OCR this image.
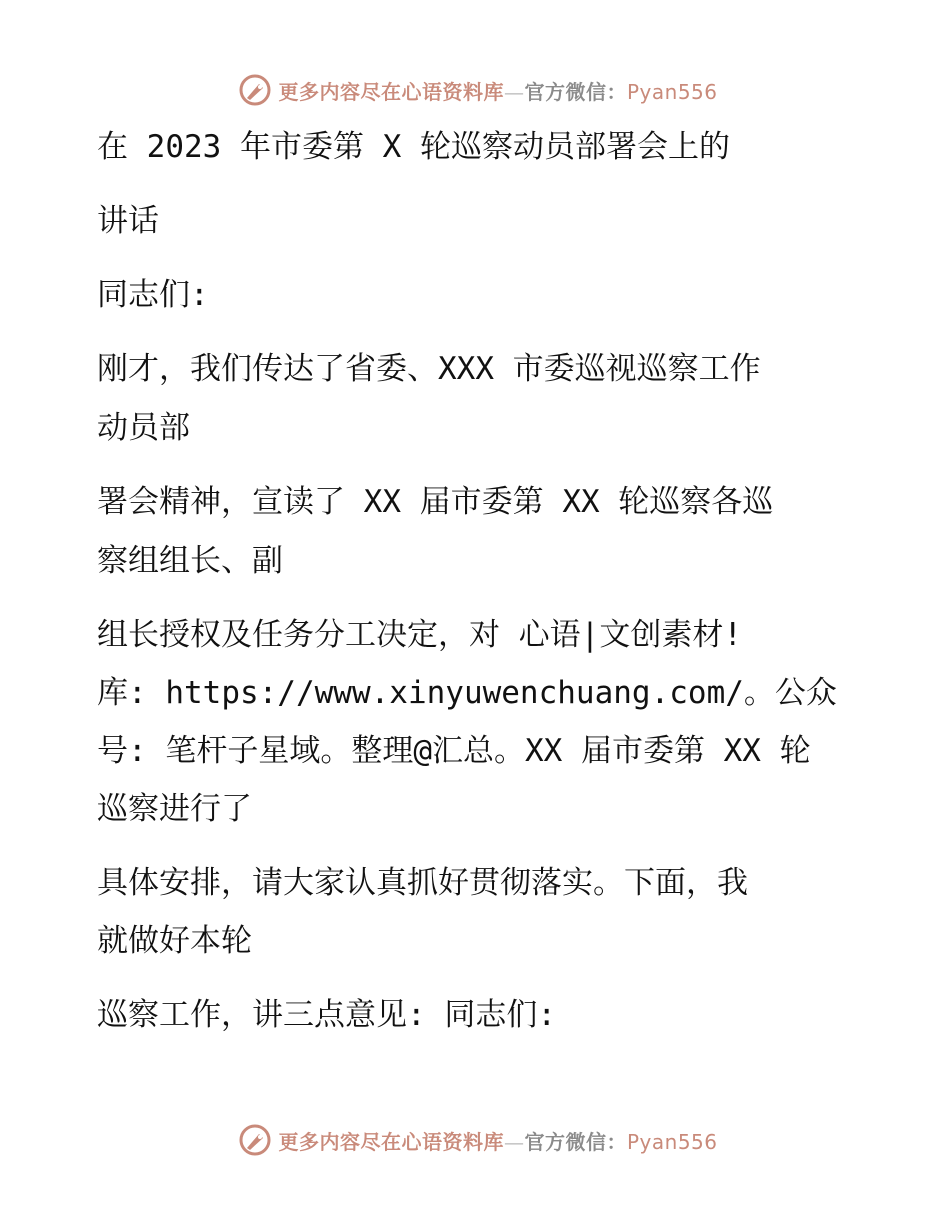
更多内容尽在心语资料库—官方微信：Pyan556
在 2023 年市委第 X 轮巡察动员部署会上的
讲话
同志们:
刚才，我们传达了省委、XXX 市委巡视巡察工作
动员部
署会精神，宣读了 XX 届市委第 XX 轮巡察各巡
察组组长、副
组长授权及任务分工决定，对 心语|文创素材!
库: https://www.xinyuwenchuang.com/。公众
号: 笔杆子星域。整理@汇总。XX 届市委第 XX 轮
巡察进行了
具体安排，请大家认真抓好贯彻落实。下面，我
就做好本轮
巡察工作，讲三点意见: 同志们:
更多内容尽在心语资料库—官方微信：Pyan556
